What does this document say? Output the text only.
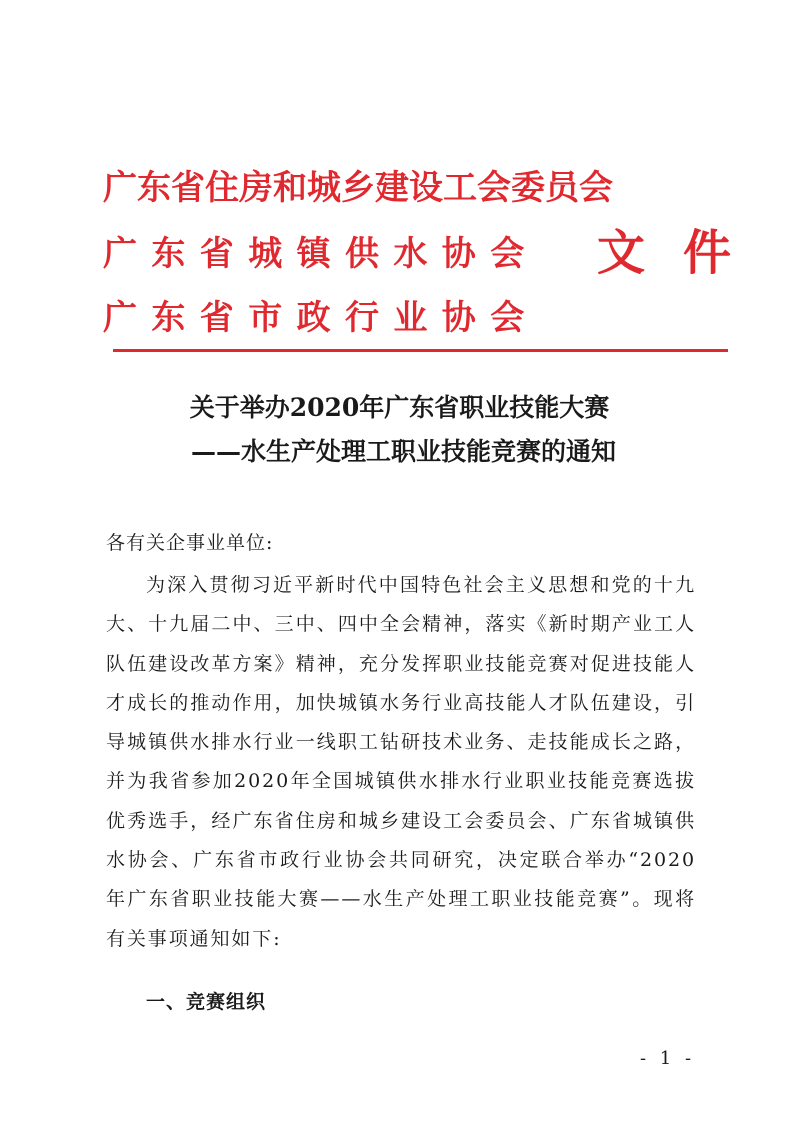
广东省住房和城乡建设工会委员会
广东省城镇供水协会
广东省市政行业协会
文件
关于举办2020年广东省职业技能大赛
——水生产处理工职业技能竞赛的通知
各有关企事业单位:
为深入贯彻习近平新时代中国特色社会主义思想和党的十九大、十九届二中、三中、四中全会精神，落实《新时期产业工人队伍建设改革方案》精神，充分发挥职业技能竞赛对促进技能人才成长的推动作用，加快城镇水务行业高技能人才队伍建设，引导城镇供水排水行业一线职工钻研技术业务、走技能成长之路，并为我省参加2020年全国城镇供水排水行业职业技能竞赛选拔优秀选手，经广东省住房和城乡建设工会委员会、广东省城镇供水协会、广东省市政行业协会共同研究，决定联合举办“2020年广东省职业技能大赛——水生产处理工职业技能竞赛”。现将有关事项通知如下:
一、竞赛组织
- 1 -
